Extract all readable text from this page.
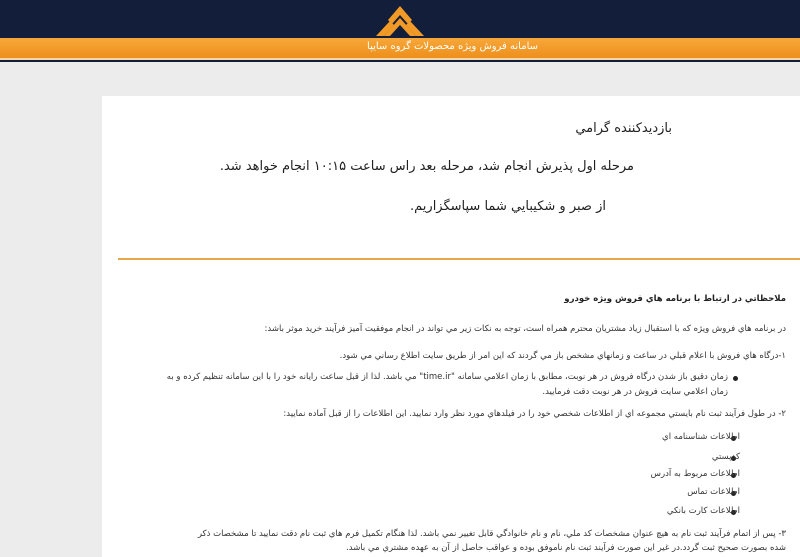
سامانه فروش ويژه محصولات گروه سايپا
بازديدکننده گرامي
مرحله اول پذيرش انجام شد، مرحله بعد راس ساعت ۱۰:۱۵ انجام خواهد شد.
از صبر و شکيبايي شما سپاسگزاريم.
ملاحظاتي در ارتباط با برنامه هاي فروش ويژه خودرو
در برنامه هاي فروش ويژه که با استقبال زياد مشتريان محترم همراه است، توجه به نکات زير مي تواند در انجام موفقيت آميز فرآيند خريد موثر باشد:
۱-درگاه هاي فروش با اعلام قبلي در ساعت و زمانهاي مشخص باز مي گردند که اين امر از طريق سايت اطلاع رساني مي شود.
زمان دقيق باز شدن درگاه فروش در هر نوبت، مطابق با زمان اعلامي سامانه "time.ir" مي باشد. لذا از قبل ساعت رايانه خود را با اين سامانه تنظيم کرده و به
زمان اعلامي سايت فروش در هر نوبت دقت فرماييد.
۲- در طول فرآيند ثبت نام بايستي مجموعه اي از اطلاعات شخصي خود را در فيلدهاي مورد نظر وارد نماييد. اين اطلاعات را از قبل آماده نماييد:
اطلاعات شناسنامه اي
کدپستي
اطلاعات مربوط به آدرس
اطلاعات تماس
اطلاعات کارت بانکي
۳- پس از اتمام فرآيند ثبت نام به هيچ عنوان مشخصات کد ملي، نام و نام خانوادگي قابل تغيير نمي باشد. لذا هنگام تکميل فرم هاي ثبت نام دقت نماييد تا مشخصات ذکر
شده بصورت صحيح ثبت گردد.در غير اين صورت فرآيند ثبت نام ناموفق بوده و عواقب حاصل از آن به عهده مشتري مي باشد.
